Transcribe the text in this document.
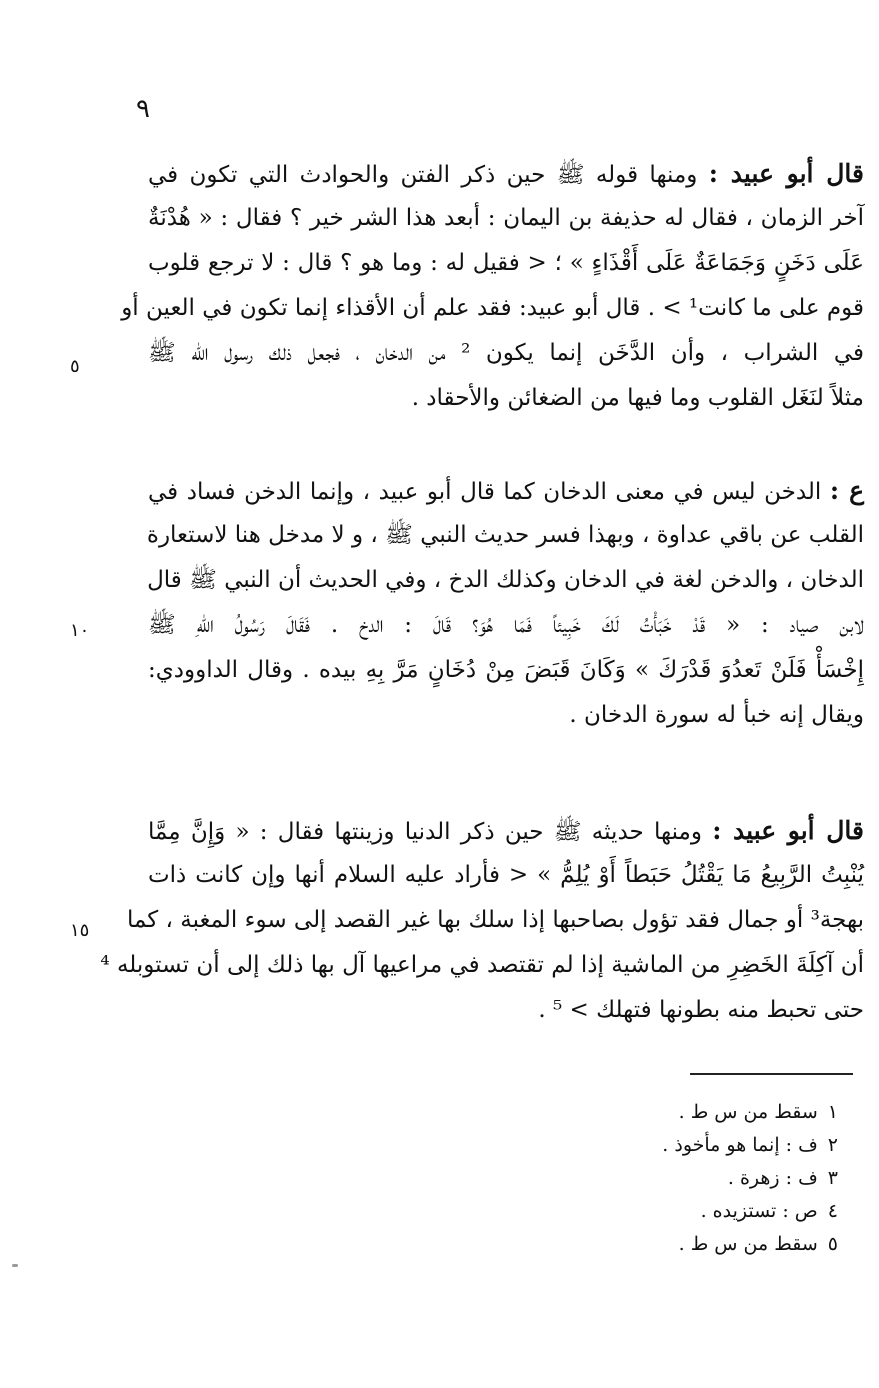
٩
قال أبو عبيد : ومنها قوله ﷺ حين ذكر الفتن والحوادث التي تكون في
آخر الزمان ، فقال له حذيفة بن اليمان : أبعد هذا الشر خير ؟ فقال : « هُدْنَةٌ
عَلَى دَخَنٍ وَجَمَاعَةٌ عَلَى أَقْذَاءٍ » ؛ < فقيل له : وما هو ؟ قال : لا ترجع قلوب
قوم على ما كانت¹ > . قال أبو عبيد: فقد علم أن الأقذاء إنما تكون في العين أو
في الشراب ، وأن الدَّخَن إنما يكون ² من الدخان ، فجعل ذلك رسول الله ﷺ
مثلاً لنَغَل القلوب وما فيها من الضغائن والأحقاد .
ع : الدخن ليس في معنى الدخان كما قال أبو عبيد ، وإنما الدخن فساد في
القلب عن باقي عداوة ، وبهذا فسر حديث النبي ﷺ ، و لا مدخل هنا لاستعارة
الدخان ، والدخن لغة في الدخان وكذلك الدخ ، وفي الحديث أن النبي ﷺ قال
لابن صياد : « قَدْ خَبَأْتُ لَكَ خَبِيئاً فَمَا هُوَ؟ قَالَ : الدخ . فَقَالَ رَسُولُ اللهِ ﷺ
إِخْسَأْ فَلَنْ تَعدُوَ قَدْرَكَ » وَكَانَ قَبَضَ مِنْ دُخَانٍ مَرَّ بِهِ بيده . وقال الداوودي:
ويقال إنه خبأ له سورة الدخان .
قال أبو عبيد : ومنها حديثه ﷺ حين ذكر الدنيا وزينتها فقال : « وَإِنَّ مِمَّا
يُنْبِتُ الرَّبِيعُ مَا يَقْتُلُ حَبَطاً أَوْ يُلِمُّ » < فأراد عليه السلام أنها وإن كانت ذات
بهجة³ أو جمال فقد تؤول بصاحبها إذا سلك بها غير القصد إلى سوء المغبة ، كما
أن آكِلَةَ الخَضِرِ من الماشية إذا لم تقتصد في مراعيها آل بها ذلك إلى أن تستوبله ⁴
حتى تحبط منه بطونها فتهلك > ⁵ .
٥
١٠
١٥
١سقط من س ط .
٢ف : إنما هو مأخوذ .
٣ف : زهرة .
٤ص : تستزيده .
٥سقط من س ط .
